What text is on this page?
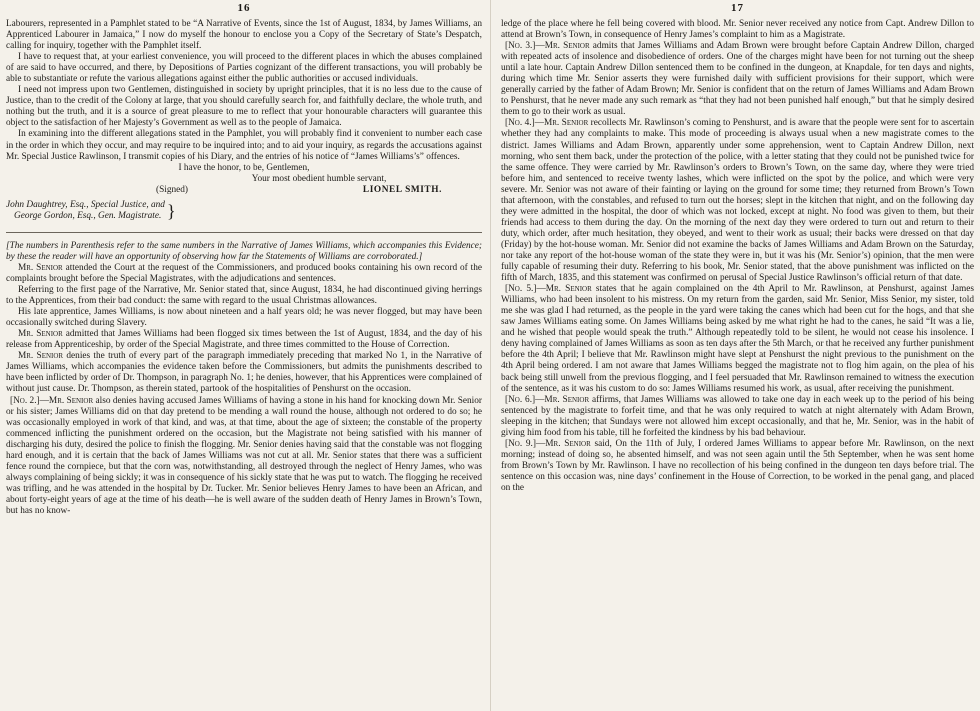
16

Labourers, represented in a Pamphlet stated to be “A Narrative of Events, since the 1st of August, 1834, by James Williams, an Apprenticed Labourer in Jamaica,” I now do myself the honour to enclose you a Copy of the Secretary of State’s Despatch, calling for inquiry, together with the Pamphlet itself.

I have to request that, at your earliest convenience, you will proceed to the different places in which the abuses complained of are said to have occurred, and there, by Depositions of Parties cognizant of the different transactions, you will probably be able to substantiate or refute the various allegations against either the public authorities or accused individuals.

I need not impress upon two Gentlemen, distinguished in society by upright principles, that it is no less due to the cause of Justice, than to the credit of the Colony at large, that you should carefully search for, and faithfully declare, the whole truth, and nothing but the truth, and it is a source of great pleasure to me to reflect that your honourable characters will guarantee this object to the satisfaction of her Majesty’s Government as well as to the people of Jamaica.

In examining into the different allegations stated in the Pamphlet, you will probably find it convenient to number each case in the order in which they occur, and may require to be inquired into; and to aid your inquiry, as regards the accusations against Mr. Special Justice Rawlinson, I transmit copies of his Diary, and the entries of his notice of “James Williams’s” offences.

I have the honor, to be, Gentlemen,

Your most obedient humble servant,

(Signed)	LIONEL SMITH.
John Daughtrey, Esq., Special Justice, and
George Gordon, Esq., Gen. Magistrate. }

[The numbers in Parenthesis refer to the same numbers in the Narrative of James Williams, which accompanies this Evidence; by these the reader will have an opportunity of observing how far the Statements of Williams are corroborated.]

Mr. Senior attended the Court at the request of the Commissioners, and produced books containing his own record of the complaints brought before the Special Magistrates, with the adjudications and sentences.

Referring to the first page of the Narrative, Mr. Senior stated that, since August, 1834, he had discontinued giving herrings to the Apprentices, from their bad conduct: the same with regard to the usual Christmas allowances.

His late apprentice, James Williams, is now about nineteen and a half years old; he was never flogged, but may have been occasionally switched during Slavery.

Mr. Senior admitted that James Williams had been flogged six times between the 1st of August, 1834, and the day of his release from Apprenticeship, by order of the Special Magistrate, and three times committed to the House of Correction.

Mr. Senior denies the truth of every part of the paragraph immediately preceding that marked No 1, in the Narrative of James Williams, which accompanies the evidence taken before the Commissioners, but admits the punishments described to have been inflicted by order of Dr. Thompson, in paragraph No. 1; he denies, however, that his Apprentices were complained of without just cause. Dr. Thompson, as therein stated, partook of the hospitalities of Penshurst on the occasion.

[No. 2.]—Mr. Senior also denies having accused James Williams of having a stone in his hand for knocking down Mr. Senior or his sister; James Williams did on that day pretend to be mending a wall round the house, although not ordered to do so; he was occasionally employed in work of that kind, and was, at that time, about the age of sixteen; the constable of the property commenced inflicting the punishment ordered on the occasion, but the Magistrate not being satisfied with his manner of discharging his duty, desired the police to finish the flogging. Mr. Senior denies having said that the constable was not flogging hard enough, and it is certain that the back of James Williams was not cut at all. Mr. Senior states that there was a sufficient fence round the cornpiece, but that the corn was, notwithstanding, all destroyed through the neglect of Henry James, who was always complaining of being sickly; it was in consequence of his sickly state that he was put to watch. The flogging he received was trifling, and he was attended in the hospital by Dr. Tucker. Mr. Senior believes Henry James to have been an African, and about forty-eight years of age at the time of his death—he is well aware of the sudden death of Henry James in Brown’s Town, but has no know-

17

ledge of the place where he fell being covered with blood. Mr. Senior never received any notice from Capt. Andrew Dillon to attend at Brown’s Town, in consequence of Henry James’s complaint to him as a Magistrate.

[No. 3.]—Mr. Senior admits that James Williams and Adam Brown were brought before Captain Andrew Dillon, charged with repeated acts of insolence and disobedience of orders. One of the charges might have been for not turning out the sheep until a late hour. Captain Andrew Dillon sentenced them to be confined in the dungeon, at Knapdale, for ten days and nights, during which time Mr. Senior asserts they were furnished daily with sufficient provisions for their support, which were generally carried by the father of Adam Brown; Mr. Senior is confident that on the return of James Williams and Adam Brown to Penshurst, that he never made any such remark as “that they had not been punished half enough,” but that he simply desired them to go to their work as usual.

[No. 4.]—Mr. Senior recollects Mr. Rawlinson’s coming to Penshurst, and is aware that the people were sent for to ascertain whether they had any complaints to make. This mode of proceeding is always usual when a new magistrate comes to the district. James Williams and Adam Brown, apparently under some apprehension, went to Captain Andrew Dillon, next morning, who sent them back, under the protection of the police, with a letter stating that they could not be punished twice for the same offence. They were carried by Mr. Rawlinson’s orders to Brown’s Town, on the same day, where they were tried before him, and sentenced to receive twenty lashes, which were inflicted on the spot by the police, and which were very severe. Mr. Senior was not aware of their fainting or laying on the ground for some time; they returned from Brown’s Town that afternoon, with the constables, and refused to turn out the horses; slept in the kitchen that night, and on the following day they were admitted in the hospital, the door of which was not locked, except at night. No food was given to them, but their friends had access to them during the day. On the morning of the next day they were ordered to turn out and return to their duty, which order, after much hesitation, they obeyed, and went to their work as usual; their backs were dressed on that day (Friday) by the hot-house woman. Mr. Senior did not examine the backs of James Williams and Adam Brown on the Saturday, nor take any report of the hot-house woman of the state they were in, but it was his (Mr. Senior’s) opinion, that the men were fully capable of resuming their duty. Referring to his book, Mr. Senior stated, that the above punishment was inflicted on the fifth of March, 1835, and this statement was confirmed on perusal of Special Justice Rawlinson’s official return of that date.

[No. 5.]—Mr. Senior states that he again complained on the 4th April to Mr. Rawlinson, at Penshurst, against James Williams, who had been insolent to his mistress. On my return from the garden, said Mr. Senior, Miss Senior, my sister, told me she was glad I had returned, as the people in the yard were taking the canes which had been cut for the hogs, and that she saw James Williams eating some. On James Williams being asked by me what right he had to the canes, he said “It was a lie, and he wished that people would speak the truth.” Although repeatedly told to be silent, he would not cease his insolence. I deny having complained of James Williams as soon as ten days after the 5th March, or that he received any further punishment before the 4th April; I believe that Mr. Rawlinson might have slept at Penshurst the night previous to the punishment on the 4th April being ordered. I am not aware that James Williams begged the magistrate not to flog him again, on the plea of his back being still unwell from the previous flogging, and I feel persuaded that Mr. Rawlinson remained to witness the execution of the sentence, as it was his custom to do so: James Williams resumed his work, as usual, after receiving the punishment.

[No. 6.]—Mr. Senior affirms, that James Williams was allowed to take one day in each week up to the period of his being sentenced by the magistrate to forfeit time, and that he was only required to watch at night alternately with Adam Brown, sleeping in the kitchen; that Sundays were not allowed him except occasionally, and that he, Mr. Senior, was in the habit of giving him food from his table, till he forfeited the kindness by his bad behaviour.

[No. 9.]—Mr. Senior said, On the 11th of July, I ordered James Williams to appear before Mr. Rawlinson, on the next morning; instead of doing so, he absented himself, and was not seen again until the 5th September, when he was sent home from Brown’s Town by Mr. Rawlinson. I have no recollection of his being confined in the dungeon ten days before trial. The sentence on this occasion was, nine days’ confinement in the House of Correction, to be worked in the penal gang, and placed on the
